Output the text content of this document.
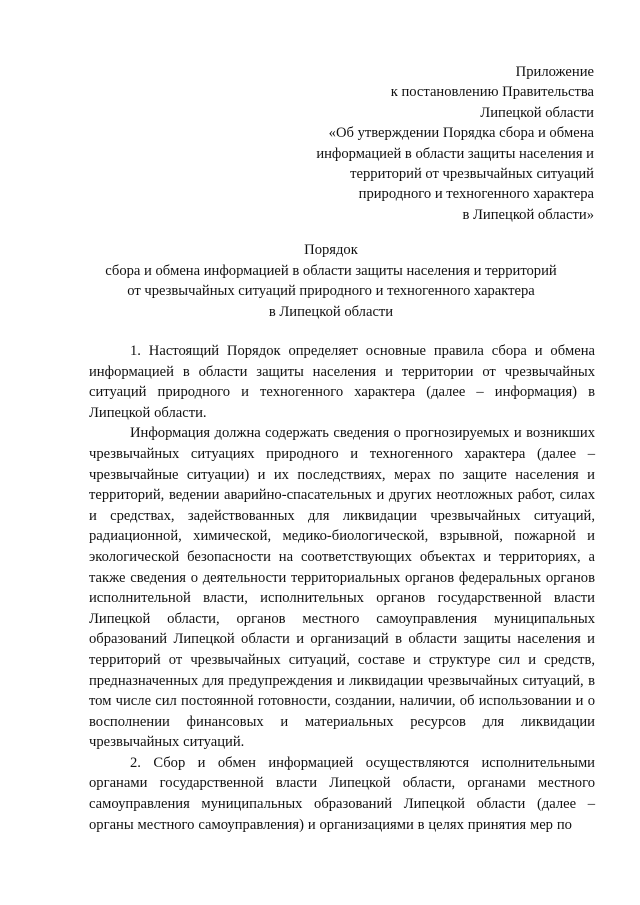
Приложение
к постановлению Правительства
Липецкой области
«Об утверждении Порядка сбора и обмена
информацией в области защиты населения и
территорий от чрезвычайных ситуаций
природного и техногенного характера
в Липецкой области»
Порядок
сбора и обмена информацией в области защиты населения и территорий
от чрезвычайных ситуаций природного и техногенного характера
в Липецкой области

1. Настоящий Порядок определяет основные правила сбора и обмена информацией в области защиты населения и территории от чрезвычайных ситуаций природного и техногенного характера (далее – информация) в Липецкой области.

Информация должна содержать сведения о прогнозируемых и возникших чрезвычайных ситуациях природного и техногенного характера (далее – чрезвычайные ситуации) и их последствиях, мерах по защите населения и территорий, ведении аварийно-спасательных и других неотложных работ, силах и средствах, задействованных для ликвидации чрезвычайных ситуаций, радиационной, химической, медико-биологической, взрывной, пожарной и экологической безопасности на соответствующих объектах и территориях, а также сведения о деятельности территориальных органов федеральных органов исполнительной власти, исполнительных органов государственной власти Липецкой области, органов местного самоуправления муниципальных образований Липецкой области и организаций в области защиты населения и территорий от чрезвычайных ситуаций, составе и структуре сил и средств, предназначенных для предупреждения и ликвидации чрезвычайных ситуаций, в том числе сил постоянной готовности, создании, наличии, об использовании и о восполнении финансовых и материальных ресурсов для ликвидации чрезвычайных ситуаций.

2. Сбор и обмен информацией осуществляются исполнительными органами государственной власти Липецкой области, органами местного самоуправления муниципальных образований Липецкой области (далее – органы местного самоуправления) и организациями в целях принятия мер по
